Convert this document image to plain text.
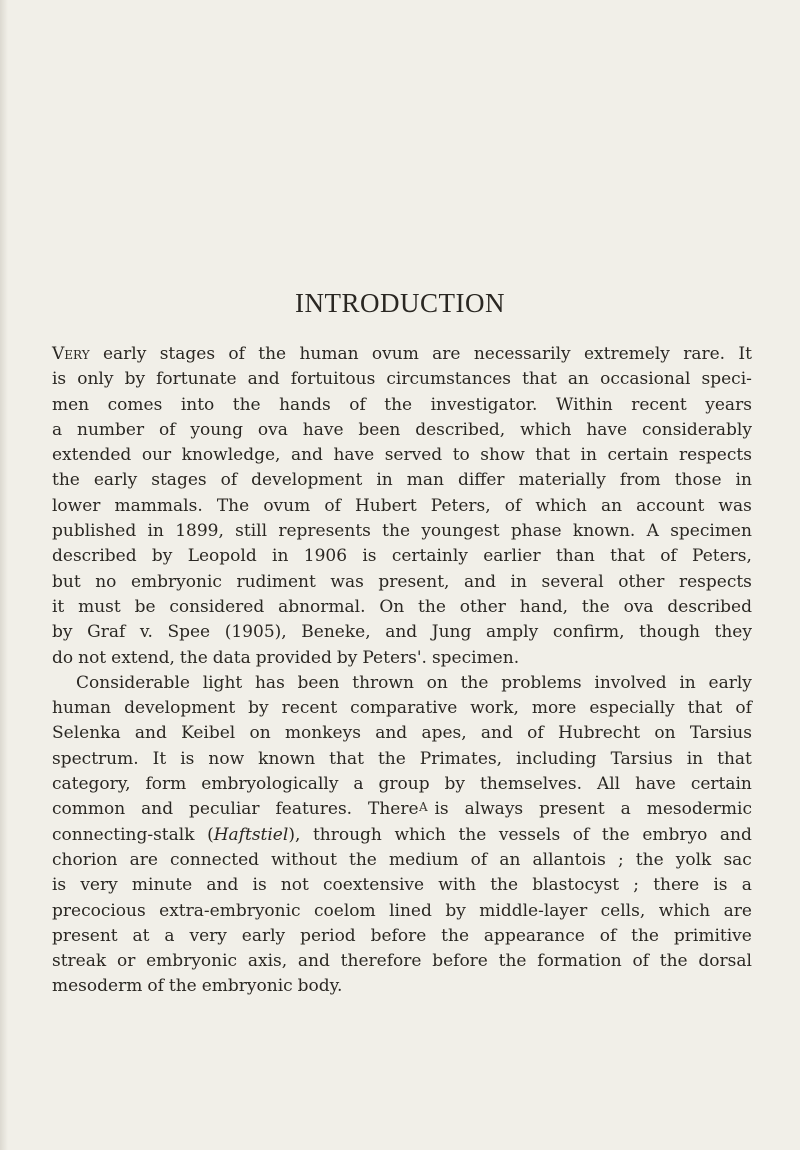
INTRODUCTION
Very early stages of the human ovum are necessarily extremely rare. It
is only by fortunate and fortuitous circumstances that an occasional speci-
men comes into the hands of the investigator. Within recent years
a number of young ova have been described, which have considerably
extended our knowledge, and have served to show that in certain respects
the early stages of development in man differ materially from those in
lower mammals. The ovum of Hubert Peters, of which an account was
published in 1899, still represents the youngest phase known. A specimen
described by Leopold in 1906 is certainly earlier than that of Peters,
but no embryonic rudiment was present, and in several other respects
it must be considered abnormal. On the other hand, the ova described
by Graf v. Spee (1905), Beneke, and Jung amply confirm, though they
do not extend, the data provided by Peters'. specimen.
Considerable light has been thrown on the problems involved in early
human development by recent comparative work, more especially that of
Selenka and Keibel on monkeys and apes, and of Hubrecht on Tarsius
spectrum. It is now known that the Primates, including Tarsius in that
category, form embryologically a group by themselves. All have certain
common and peculiar features. There is always present a mesodermic
connecting-stalk (Haftstiel), through which the vessels of the embryo and
chorion are connected without the medium of an allantois ; the yolk sac
is very minute and is not coextensive with the blastocyst ; there is a
precocious extra-embryonic coelom lined by middle-layer cells, which are
present at a very early period before the appearance of the primitive
streak or embryonic axis, and therefore before the formation of the dorsal
mesoderm of the embryonic body.
A
